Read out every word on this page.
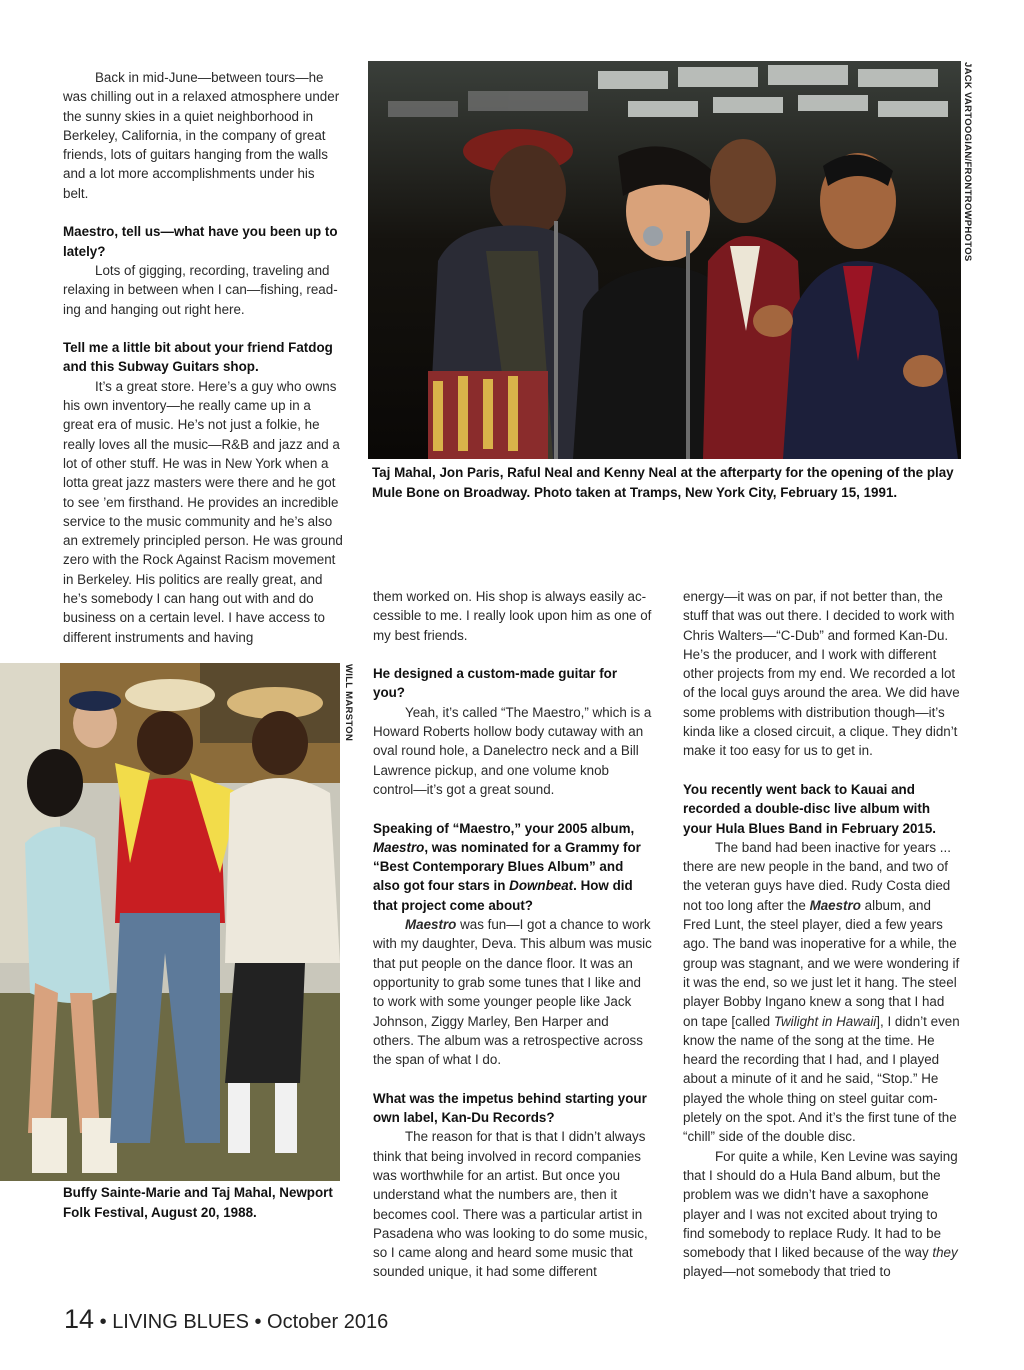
Back in mid-June—between tours—he was chilling out in a relaxed atmosphere under the sunny skies in a quiet neighborhood in Berkeley, California, in the company of great friends, lots of guitars hanging from the walls and a lot more accomplishments under his belt.

Maestro, tell us—what have you been up to lately?

Lots of gigging, recording, traveling and relaxing in between when I can—fishing, reading and hanging out right here.

Tell me a little bit about your friend Fatdog and this Subway Guitars shop.

It’s a great store. Here’s a guy who owns his own inventory—he really came up in a great era of music. He’s not just a folkie, he really loves all the music—R&B and jazz and a lot of other stuff. He was in New York when a lotta great jazz masters were there and he got to see ’em firsthand. He provides an incredible service to the music community and he’s also an extremely principled person. He was ground zero with the Rock Against Racism movement in Berkeley. His politics are really great, and he’s somebody I can hang out with and do business on a certain level. I have access to different instruments and having

JACK VARTOOGIAN/FRONTROWPHOTOS
Taj Mahal, Jon Paris, Raful Neal and Kenny Neal at the afterparty for the opening of the play Mule Bone on Broadway. Photo taken at Tramps, New York City, February 15, 1991.
WILL MARSTON
Buffy Sainte-Marie and Taj Mahal, Newport Folk Festival, August 20, 1988.

them worked on. His shop is always easily accessible to me. I really look upon him as one of my best friends.

He designed a custom-made guitar for you?

Yeah, it’s called “The Maestro,” which is a Howard Roberts hollow body cutaway with an oval round hole, a Danelectro neck and a Bill Lawrence pickup, and one volume knob control—it’s got a great sound.

Speaking of “Maestro,” your 2005 album, Maestro, was nominated for a Grammy for “Best Contemporary Blues Album” and also got four stars in Downbeat. How did that project come about?

Maestro was fun—I got a chance to work with my daughter, Deva. This album was music that put people on the dance floor. It was an opportunity to grab some tunes that I like and to work with some younger people like Jack Johnson, Ziggy Marley, Ben Harper and others. The album was a retrospective across the span of what I do.

What was the impetus behind starting your own label, Kan-Du Records?

The reason for that is that I didn’t always think that being involved in record companies was worthwhile for an artist. But once you understand what the numbers are, then it becomes cool. There was a particular artist in Pasadena who was looking to do some music, so I came along and heard some music that sounded unique, it had some different

energy—it was on par, if not better than, the stuff that was out there. I decided to work with Chris Walters—“C-Dub” and formed Kan-Du. He’s the producer, and I work with different other projects from my end. We recorded a lot of the local guys around the area. We did have some problems with distribution though—it’s kinda like a closed circuit, a clique. They didn’t make it too easy for us to get in.

You recently went back to Kauai and recorded a double-disc live album with your Hula Blues Band in February 2015.

The band had been inactive for years ... there are new people in the band, and two of the veteran guys have died. Rudy Costa died not too long after the Maestro album, and Fred Lunt, the steel player, died a few years ago. The band was inoperative for a while, the group was stagnant, and we were wondering if it was the end, so we just let it hang. The steel player Bobby Ingano knew a song that I had on tape [called Twilight in Hawaii], I didn’t even know the name of the song at the time. He heard the recording that I had, and I played about a minute of it and he said, “Stop.” He played the whole thing on steel guitar completely on the spot. And it’s the first tune of the “chill” side of the double disc.

For quite a while, Ken Levine was saying that I should do a Hula Band album, but the problem was we didn’t have a saxophone player and I was not excited about trying to find somebody to replace Rudy. It had to be somebody that I liked because of the way they played—not somebody that tried to

14 • LIVING BLUES • October 2016
